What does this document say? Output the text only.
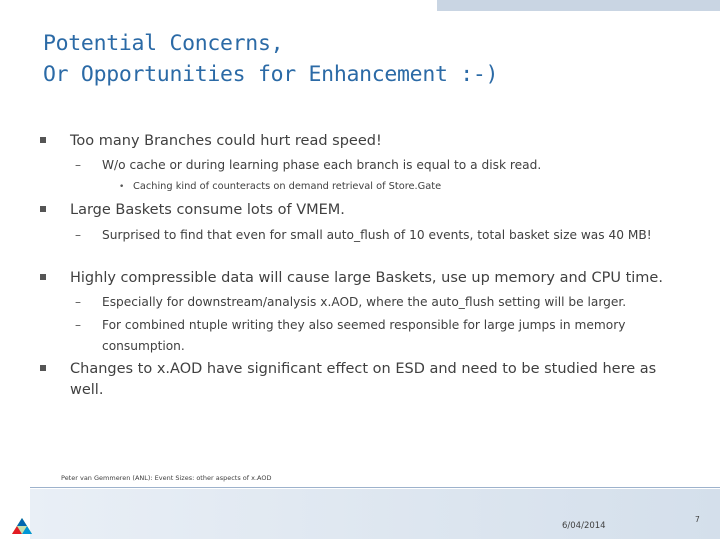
Potential Concerns,
Or Opportunities for Enhancement :-)
Too many Branches could hurt read speed!
– W/o cache or during learning phase each branch is equal to a disk read.
• Caching kind of counteracts on demand retrieval of Store.Gate
Large Baskets consume lots of VMEM.
– Surprised to find that even for small auto_flush of 10 events, total basket size was 40 MB!
Highly compressible data will cause large Baskets, use up memory and CPU time.
– Especially for downstream/analysis x.AOD, where the auto_flush setting will be larger.
– For combined ntuple writing they also seemed responsible for large jumps in memory consumption.
Changes to x.AOD have significant effect on ESD and need to be studied here as well.
Peter van Gemmeren (ANL): Event Sizes: other aspects of x.AOD
6/04/2014
7
